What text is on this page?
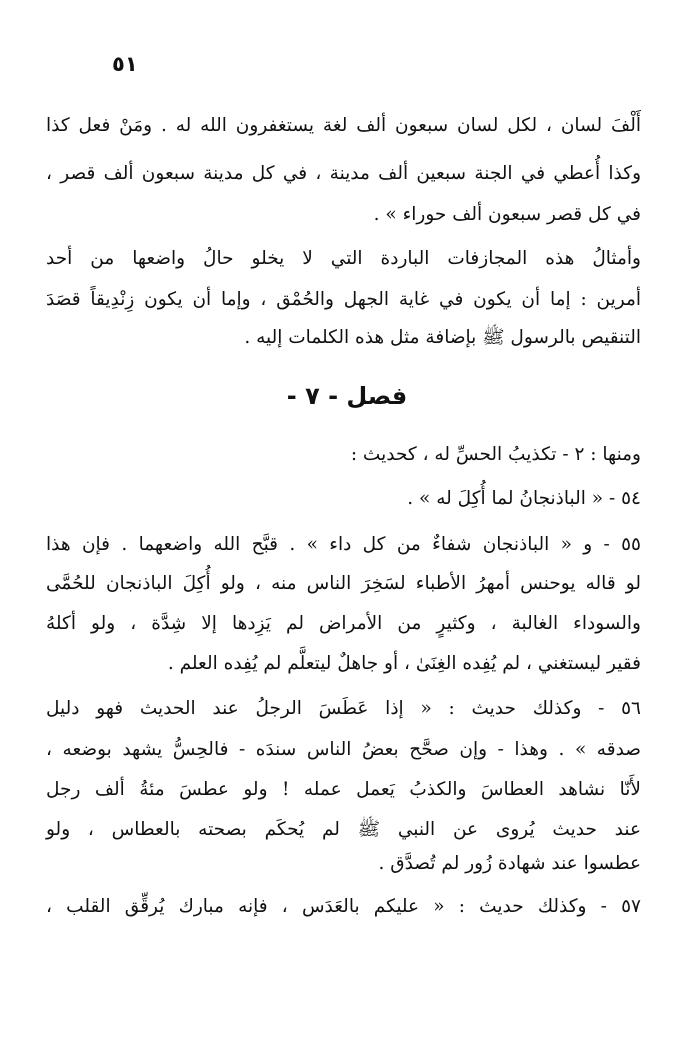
٥١
أَلْفَ لسان ، لكل لسان سبعون ألف لغة يستغفرون الله له . ومَنْ فعل كذا
وكذا أُعطي في الجنة سبعين ألف مدينة ، في كل مدينة سبعون ألف قصر ،
في كل قصر سبعون ألف حوراء » .
وأمثالُ هذه المجازفات الباردة التي لا يخلو حالُ واضعها من أحد
أمرين : إما أن يكون في غاية الجهل والحُمْق ، وإما أن يكون زِنْدِيقاً قصَدَ
التنقيص بالرسول ﷺ بإضافة مثل هذه الكلمات إليه .
فصل - ٧ -
ومنها : ٢ - تكذيبُ الحسِّ له ، كحديث :
٥٤ - « الباذنجانُ لما أُكِلَ له » .
٥٥ - و « الباذنجان شفاءٌ من كل داء » . قبَّح الله واضعهما . فإن هذا
لو قاله يوحنس أمهرُ الأطباء لسَخِرَ الناس منه ، ولو أُكِلَ الباذنجان للحُمَّى
والسوداء الغالبة ، وكثيرٍ من الأمراض لم يَزِدها إلا شِدَّة ، ولو أكلهُ
فقير ليستغني ، لم يُفِده الغِنَىٰ ، أو جاهلٌ ليتعلَّم لم يُفِده العلم .
٥٦ - وكذلك حديث : « إذا عَطَسَ الرجلُ عند الحديث فهو دليل
صدقه » . وهذا - وإن صحَّح بعضُ الناس سندَه - فالحِسُّ يشهد بوضعه ،
لأَنّا نشاهد العطاسَ والكذبُ يَعمل عمله ! ولو عطسَ مئةُ ألف رجل
عند حديث يُروى عن النبي ﷺ لم يُحكَم بصحته بالعطاس ، ولو
عطسوا عند شهادة زُور لم تُصدَّق .
٥٧ - وكذلك حديث : « عليكم بالعَدَس ، فإنه مبارك يُرقِّق القلب ،
